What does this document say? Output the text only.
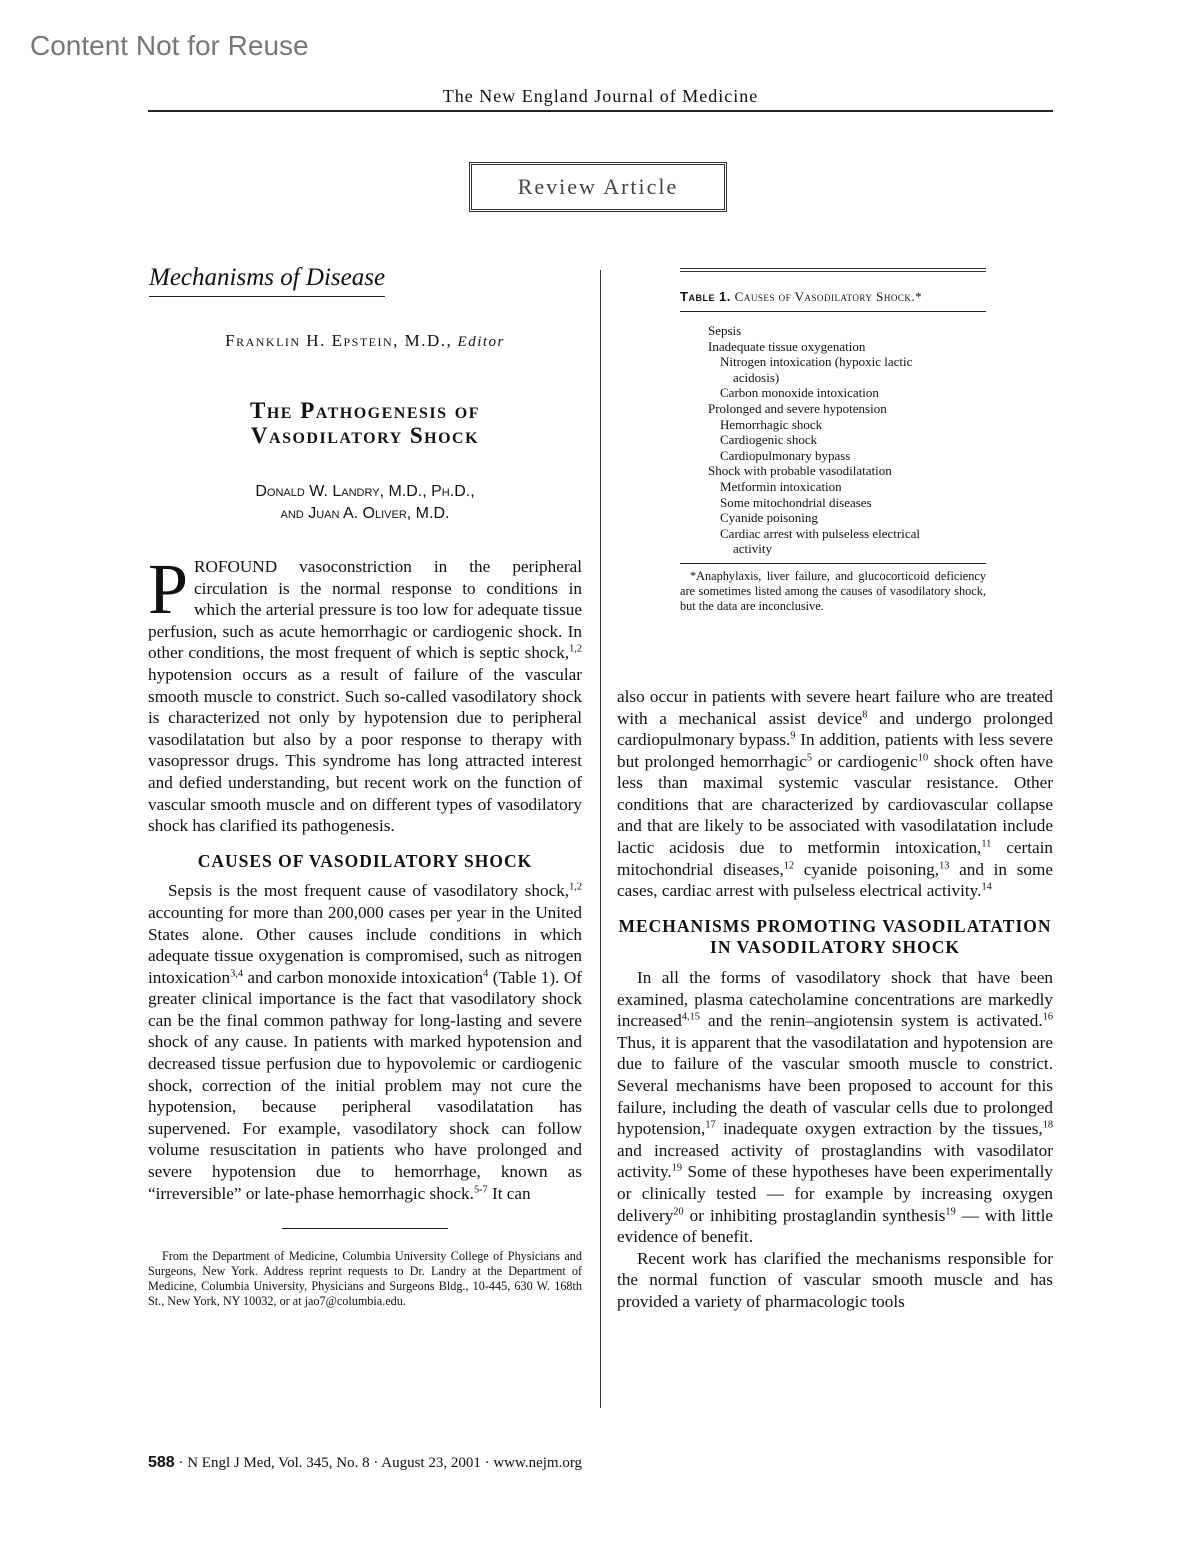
Content Not for Reuse
The New England Journal of Medicine
Review Article
Mechanisms of Disease
Franklin H. Epstein, M.D., Editor
The Pathogenesis of
Vasodilatory Shock
Donald W. Landry, M.D., Ph.D.,
and Juan A. Oliver, M.D.
P ROFOUND vasoconstriction in the peripheral circulation is the normal response to conditions in which the arterial pressure is too low for adequate tissue perfusion, such as acute hemorrhagic or cardiogenic shock. In other conditions, the most frequent of which is septic shock,$^{1,2}$ hypotension occurs as a result of failure of the vascular smooth muscle to constrict. Such so-called vasodilatory shock is characterized not only by hypotension due to peripheral vasodilatation but also by a poor response to therapy with vasopressor drugs. This syndrome has long attracted interest and defied understanding, but recent work on the function of vascular smooth muscle and on different types of vasodilatory shock has clarified its pathogenesis.
CAUSES OF VASODILATORY SHOCK
Sepsis is the most frequent cause of vasodilatory shock,$^{1,2}$ accounting for more than 200,000 cases per year in the United States alone. Other causes include conditions in which adequate tissue oxygenation is compromised, such as nitrogen intoxication$^{3,4}$ and carbon monoxide intoxication$^4$ (Table 1). Of greater clinical importance is the fact that vasodilatory shock can be the final common pathway for long-lasting and severe shock of any cause. In patients with marked hypotension and decreased tissue perfusion due to hypovolemic or cardiogenic shock, correction of the initial problem may not cure the hypotension, because peripheral vasodilatation has supervened. For example, vasodilatory shock can follow volume resuscitation in patients who have prolonged and severe hypotension due to hemorrhage, known as “irreversible” or late-phase hemorrhagic shock.$^{5-7}$ It can
From the Department of Medicine, Columbia University College of Physicians and Surgeons, New York. Address reprint requests to Dr. Landry at the Department of Medicine, Columbia University, Physicians and Surgeons Bldg., 10-445, 630 W. 168th St., New York, NY 10032, or at jao7@columbia.edu.
Table 1. Causes of Vasodilatory Shock.*
Sepsis
Inadequate tissue oxygenation
Nitrogen intoxication (hypoxic lactic
acidosis)
Carbon monoxide intoxication
Prolonged and severe hypotension
Hemorrhagic shock
Cardiogenic shock
Cardiopulmonary bypass
Shock with probable vasodilatation
Metformin intoxication
Some mitochondrial diseases
Cyanide poisoning
Cardiac arrest with pulseless electrical
activity
*Anaphylaxis, liver failure, and glucocorticoid deficiency are sometimes listed among the causes of vasodilatory shock, but the data are inconclusive.
also occur in patients with severe heart failure who are treated with a mechanical assist device$^8$ and undergo prolonged cardiopulmonary bypass.$^9$ In addition, patients with less severe but prolonged hemorrhagic$^5$ or cardiogenic$^{10}$ shock often have less than maximal systemic vascular resistance. Other conditions that are characterized by cardiovascular collapse and that are likely to be associated with vasodilatation include lactic acidosis due to metformin intoxication,$^{11}$ certain mitochondrial diseases,$^{12}$ cyanide poisoning,$^{13}$ and in some cases, cardiac arrest with pulseless electrical activity.$^{14}$
MECHANISMS PROMOTING VASODILATATION IN VASODILATORY SHOCK
In all the forms of vasodilatory shock that have been examined, plasma catecholamine concentrations are markedly increased$^{4,15}$ and the renin–angiotensin system is activated.$^{16}$ Thus, it is apparent that the vasodilatation and hypotension are due to failure of the vascular smooth muscle to constrict. Several mechanisms have been proposed to account for this failure, including the death of vascular cells due to prolonged hypotension,$^{17}$ inadequate oxygen extraction by the tissues,$^{18}$ and increased activity of prostaglandins with vasodilator activity.$^{19}$ Some of these hypotheses have been experimentally or clinically tested — for example by increasing oxygen delivery$^{20}$ or inhibiting prostaglandin synthesis$^{19}$ — with little evidence of benefit.
Recent work has clarified the mechanisms responsible for the normal function of vascular smooth muscle and has provided a variety of pharmacologic tools
588 · N Engl J Med, Vol. 345, No. 8 · August 23, 2001 · www.nejm.org
